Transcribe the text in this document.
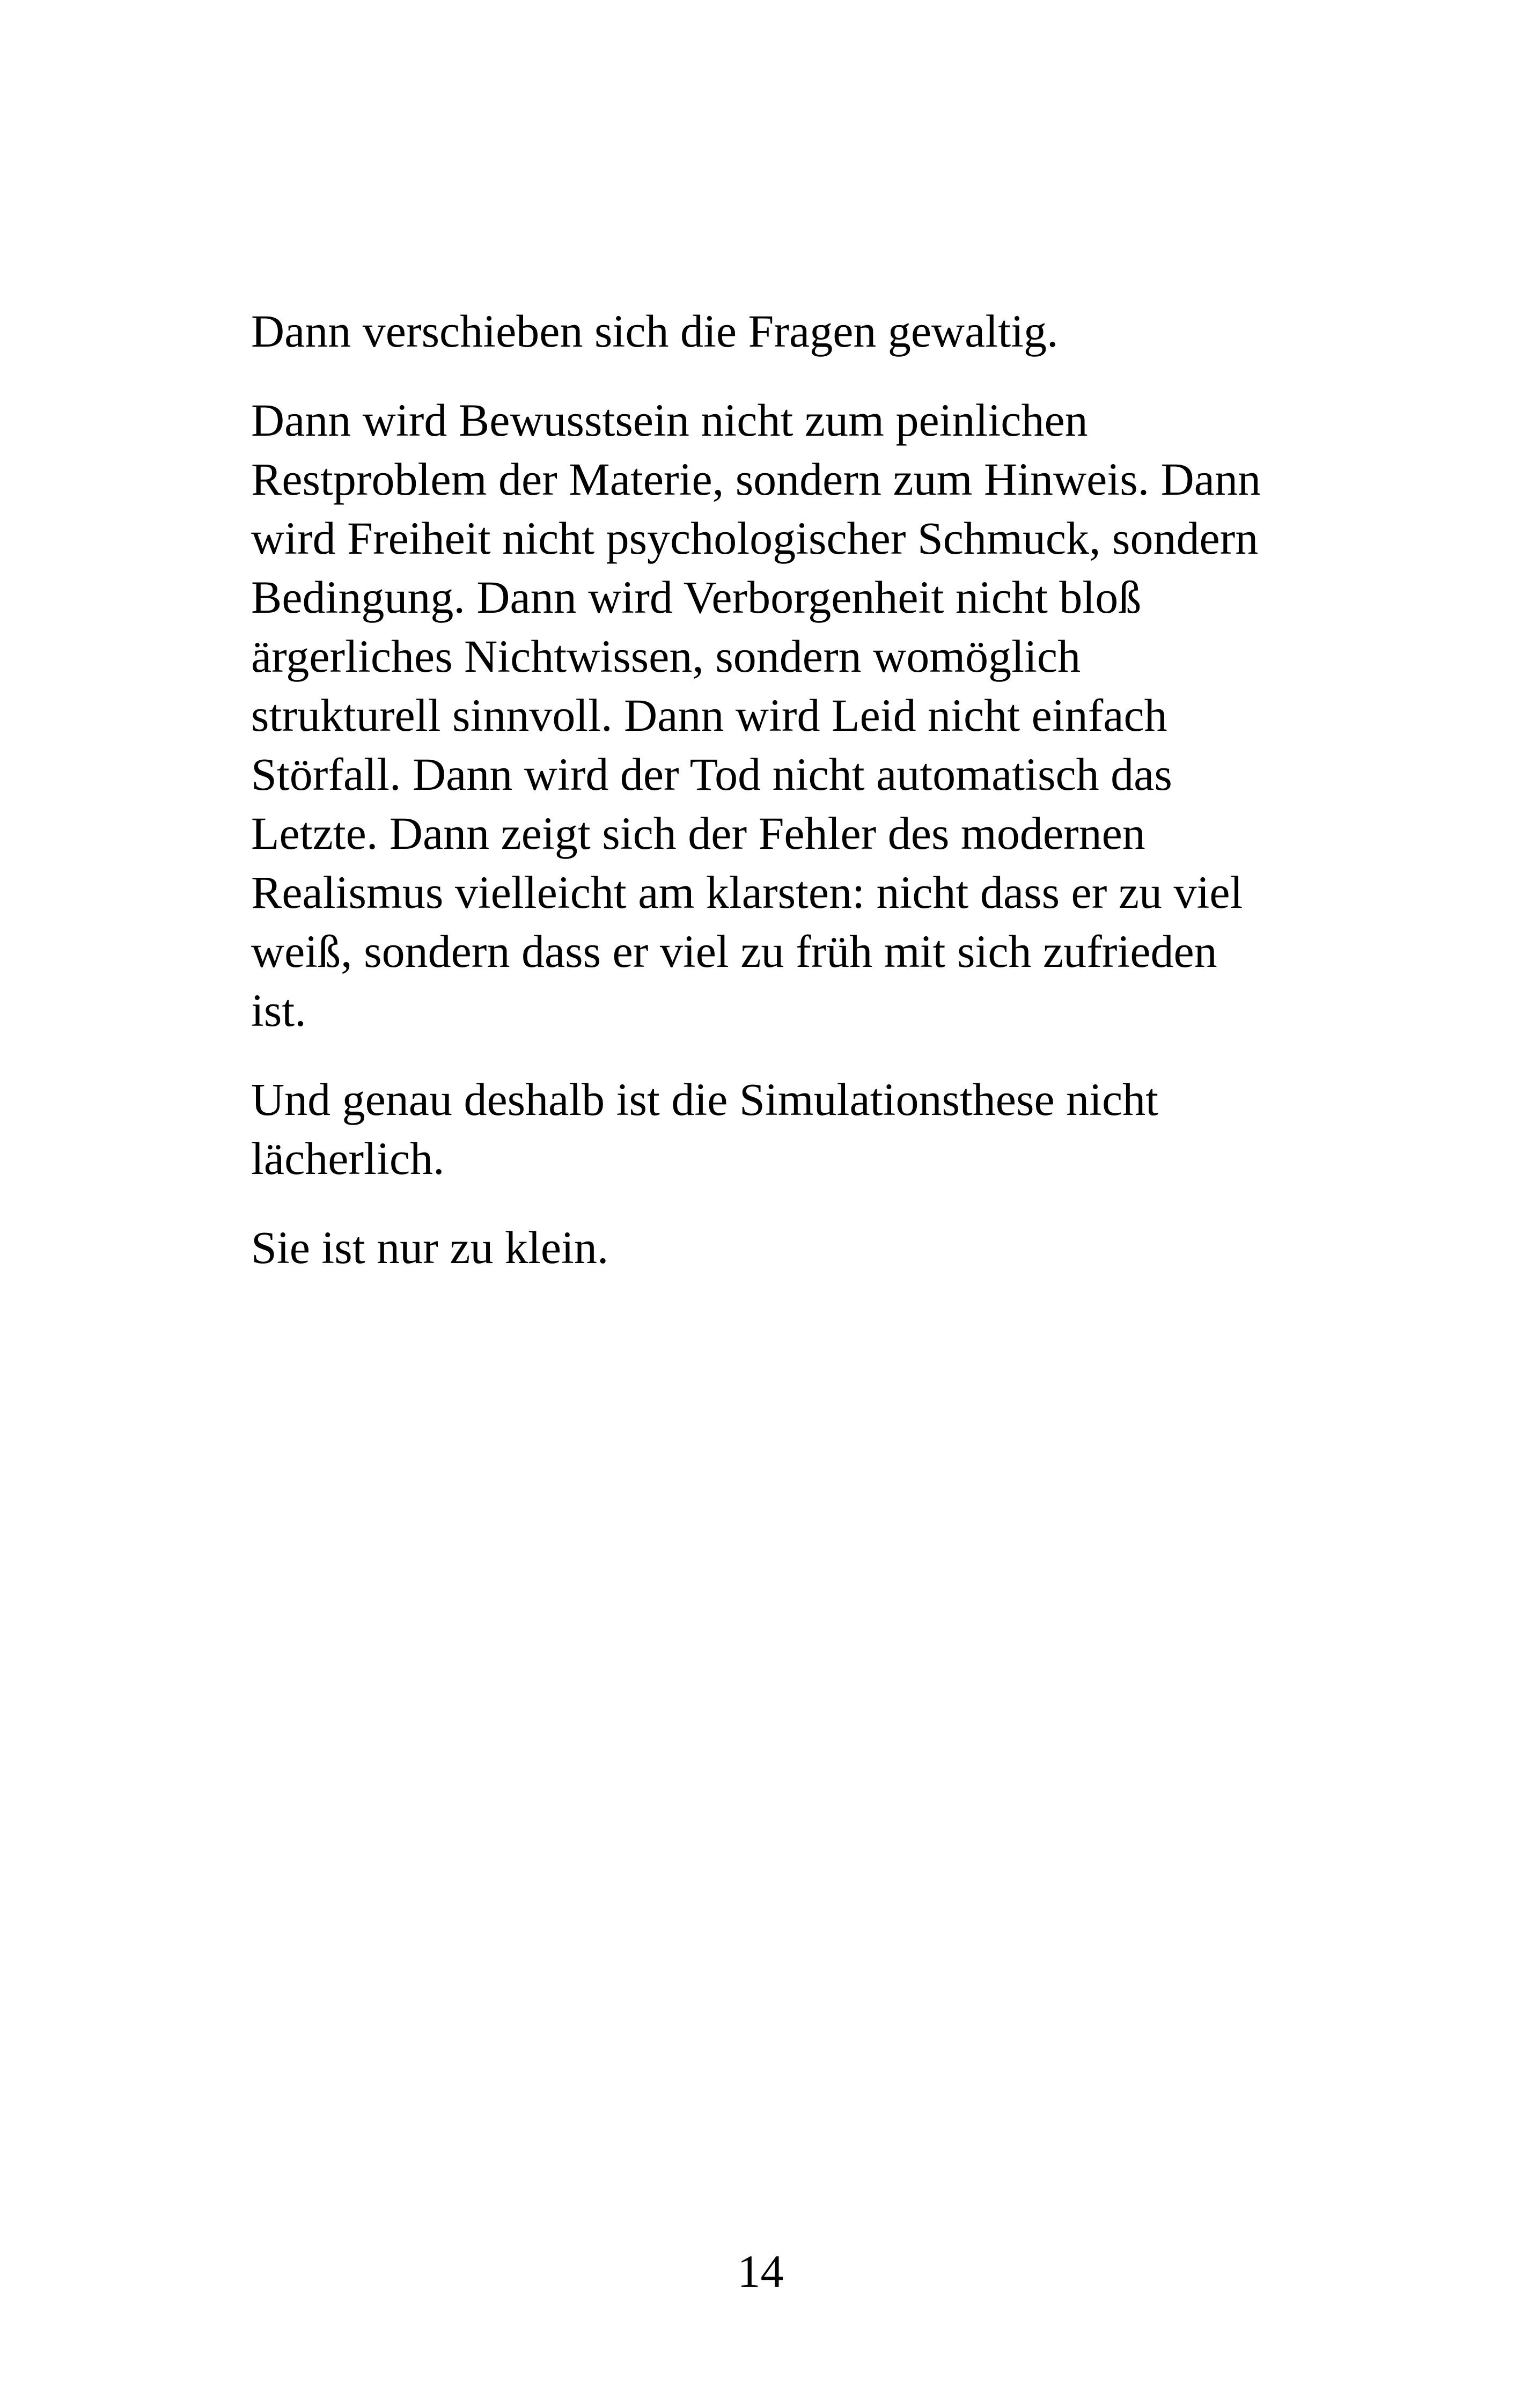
Dann verschieben sich die Fragen gewaltig.

Dann wird Bewusstsein nicht zum peinlichen
Restproblem der Materie, sondern zum Hinweis. Dann
wird Freiheit nicht psychologischer Schmuck, sondern
Bedingung. Dann wird Verborgenheit nicht bloß
ärgerliches Nichtwissen, sondern womöglich
strukturell sinnvoll. Dann wird Leid nicht einfach
Störfall. Dann wird der Tod nicht automatisch das
Letzte. Dann zeigt sich der Fehler des modernen
Realismus vielleicht am klarsten: nicht dass er zu viel
weiß, sondern dass er viel zu früh mit sich zufrieden
ist.

Und genau deshalb ist die Simulationsthese nicht
lächerlich.

Sie ist nur zu klein.

14
